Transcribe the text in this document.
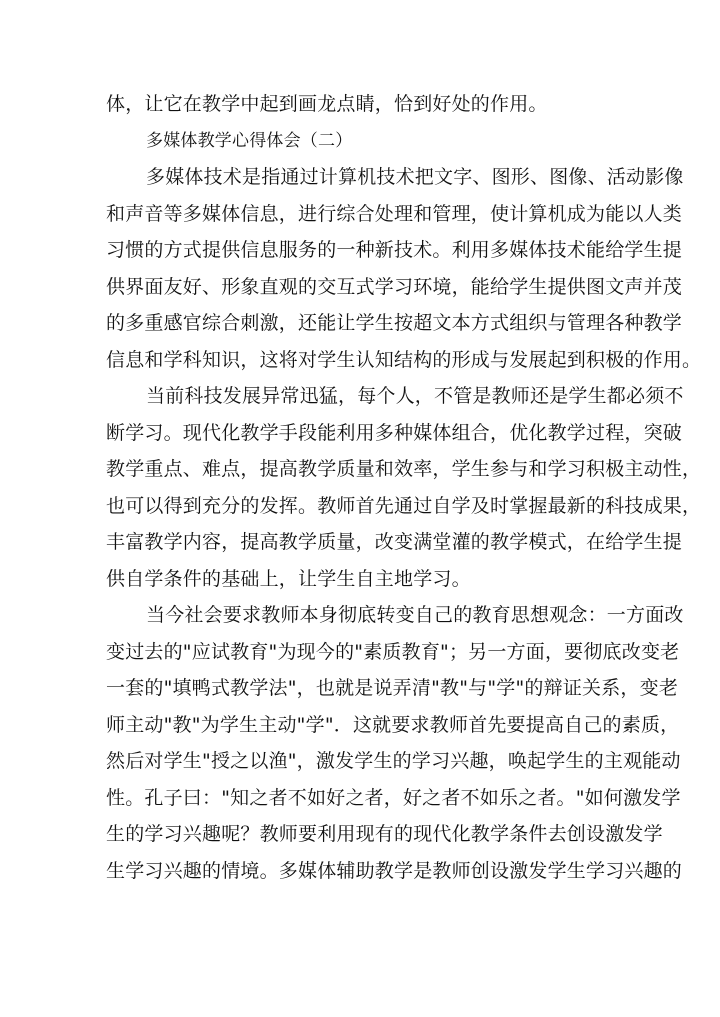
体，让它在教学中起到画龙点睛，恰到好处的作用。
多媒体教学心得体会（二）
多媒体技术是指通过计算机技术把文字、图形、图像、活动影像
和声音等多媒体信息，进行综合处理和管理，使计算机成为能以人类
习惯的方式提供信息服务的一种新技术。利用多媒体技术能给学生提
供界面友好、形象直观的交互式学习环境，能给学生提供图文声并茂
的多重感官综合刺激，还能让学生按超文本方式组织与管理各种教学
信息和学科知识，这将对学生认知结构的形成与发展起到积极的作用。
当前科技发展异常迅猛，每个人，不管是教师还是学生都必须不
断学习。现代化教学手段能利用多种媒体组合，优化教学过程，突破
教学重点、难点，提高教学质量和效率，学生参与和学习积极主动性，
也可以得到充分的发挥。教师首先通过自学及时掌握最新的科技成果，
丰富教学内容，提高教学质量，改变满堂灌的教学模式，在给学生提
供自学条件的基础上，让学生自主地学习。
当今社会要求教师本身彻底转变自己的教育思想观念：一方面改
变过去的"应试教育"为现今的"素质教育"；另一方面，要彻底改变老
一套的"填鸭式教学法"，也就是说弄清"教"与"学"的辩证关系，变老
师主动"教"为学生主动"学"．这就要求教师首先要提高自己的素质，
然后对学生"授之以渔"，激发学生的学习兴趣，唤起学生的主观能动
性。孔子曰："知之者不如好之者，好之者不如乐之者。"如何激发学
生的学习兴趣呢？教师要利用现有的现代化教学条件去创设激发学
生学习兴趣的情境。多媒体辅助教学是教师创设激发学生学习兴趣的
